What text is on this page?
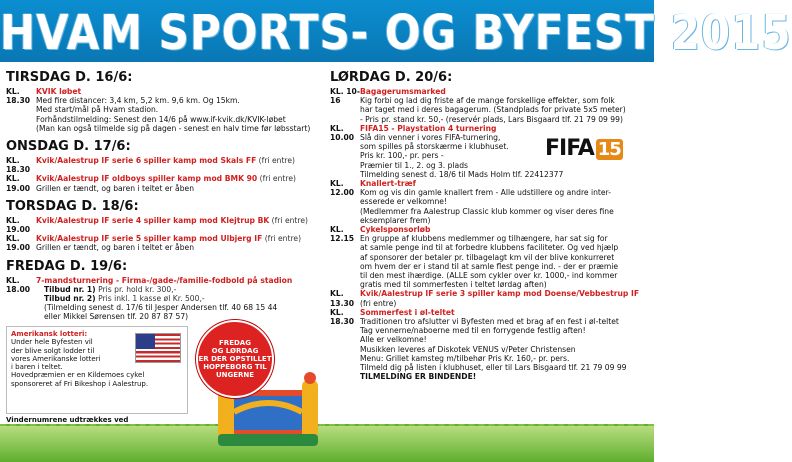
HVAM SPORTS- OG BYFEST 2015
TIRSDAG D. 16/6:
KL. 18.30
KVIK løbet
Med fire distancer: 3,4 km, 5,2 km. 9,6 km. Og 15km.
Med start/mål på Hvam stadion.
Forhåndstilmelding: Senest den 14/6 på www.if-kvik.dk/KVIK-løbet
(Man kan også tilmelde sig på dagen - senest en halv time før løbsstart)
ONSDAG D. 17/6:
KL. 18.30
Kvik/Aalestrup IF serie 6 spiller kamp mod Skals FF (fri entre)
KL. 19.00
Kvik/Aalestrup IF oldboys spiller kamp mod BMK 90 (fri entre)
Grillen er tændt, og baren i teltet er åben
TORSDAG D. 18/6:
KL. 19.00
Kvik/Aalestrup IF serie 4 spiller kamp mod Klejtrup BK (fri entre)
KL. 19.00
Kvik/Aalestrup IF serie 5 spiller kamp mod Ulbjerg IF (fri entre)
Grillen er tændt, og baren i teltet er åben
FREDAG D. 19/6:
KL. 18.00
7-mandsturnering - Firma-/gade-/familie-fodbold på stadion
Tilbud nr. 1) Pris pr. hold kr. 300,-
Tilbud nr. 2) Pris inkl. 1 kasse øl Kr. 500,-
(Tilmelding senest d. 17/6 til Jesper Andersen tlf. 40 68 15 44
eller Mikkel Sørensen tlf. 20 87 87 57)
LØRDAG D. 20/6:
KL. 10-16
Bagagerumsmarked
Kig forbi og lad dig friste af de mange forskellige effekter, som folk
har taget med i deres bagagerum. (Standplads for private 5x5 meter)
- Pris pr. stand kr. 50,- (reservér plads, Lars Bisgaard tlf. 21 79 09 99)
KL. 10.00
FIFA15 - Playstation 4 turnering
Slå din venner i vores FIFA-turnering,
som spilles på storskærme i klubhuset.
Pris kr. 100,- pr. pers -
Præmier til 1., 2. og 3. plads
Tilmelding senest d. 18/6 til Mads Holm tlf. 22412377
KL. 12.00
Knallert-træf
Kom og vis din gamle knallert frem - Alle udstillere og andre inter-
esserede er velkomne!
(Medlemmer fra Aalestrup Classic klub kommer og viser deres fine
eksemplarer frem)
KL. 12.15
Cykelsponsorløb
En gruppe af klubbens medlemmer og tilhængere, har sat sig for
at samle penge ind til at forbedre klubbens faciliteter. Og ved hjælp
af sponsorer der betaler pr. tilbagelagt km vil der blive konkurreret
om hvem der er i stand til at samle flest penge ind. - der er præmie
til den mest ihærdige. (ALLE som cykler over kr. 1000,- ind kommer
gratis med til sommerfesten i teltet lørdag aften)
KL. 13.30
Kvik/Aalestrup IF serie 3 spiller kamp mod Doense/Vebbestrup IF
(fri entre)
KL. 18.30
Sommerfest i øl-teltet
Traditionen tro afslutter vi Byfesten med et brag af en fest i øl-teltet
Tag vennerne/naboerne med til en forrygende festlig aften!
Alle er velkomne!
Musikken leveres af Diskotek VENUS v/Peter Christensen
Menu: Grillet kamsteg m/tilbehør Pris Kr. 160,- pr. pers.
Tilmeld dig på listen i klubhuset, eller til Lars Bisgaard tlf. 21 79 09 99
TILMELDING ER BINDENDE!
FIFA 15
Amerikansk lotteri:
Under hele Byfesten vil
der blive solgt lodder til
vores Amerikanske lotteri
i baren i teltet.
Hovedpræmien er en Kildemoes cykel
sponsoreret af Fri Bikeshop i Aalestrup.
Vindernumrene udtrækkes ved
FREDAG
OG LØRDAG
ER DER OPSTILLET
HOPPEBORG TIL
UNGERNE
